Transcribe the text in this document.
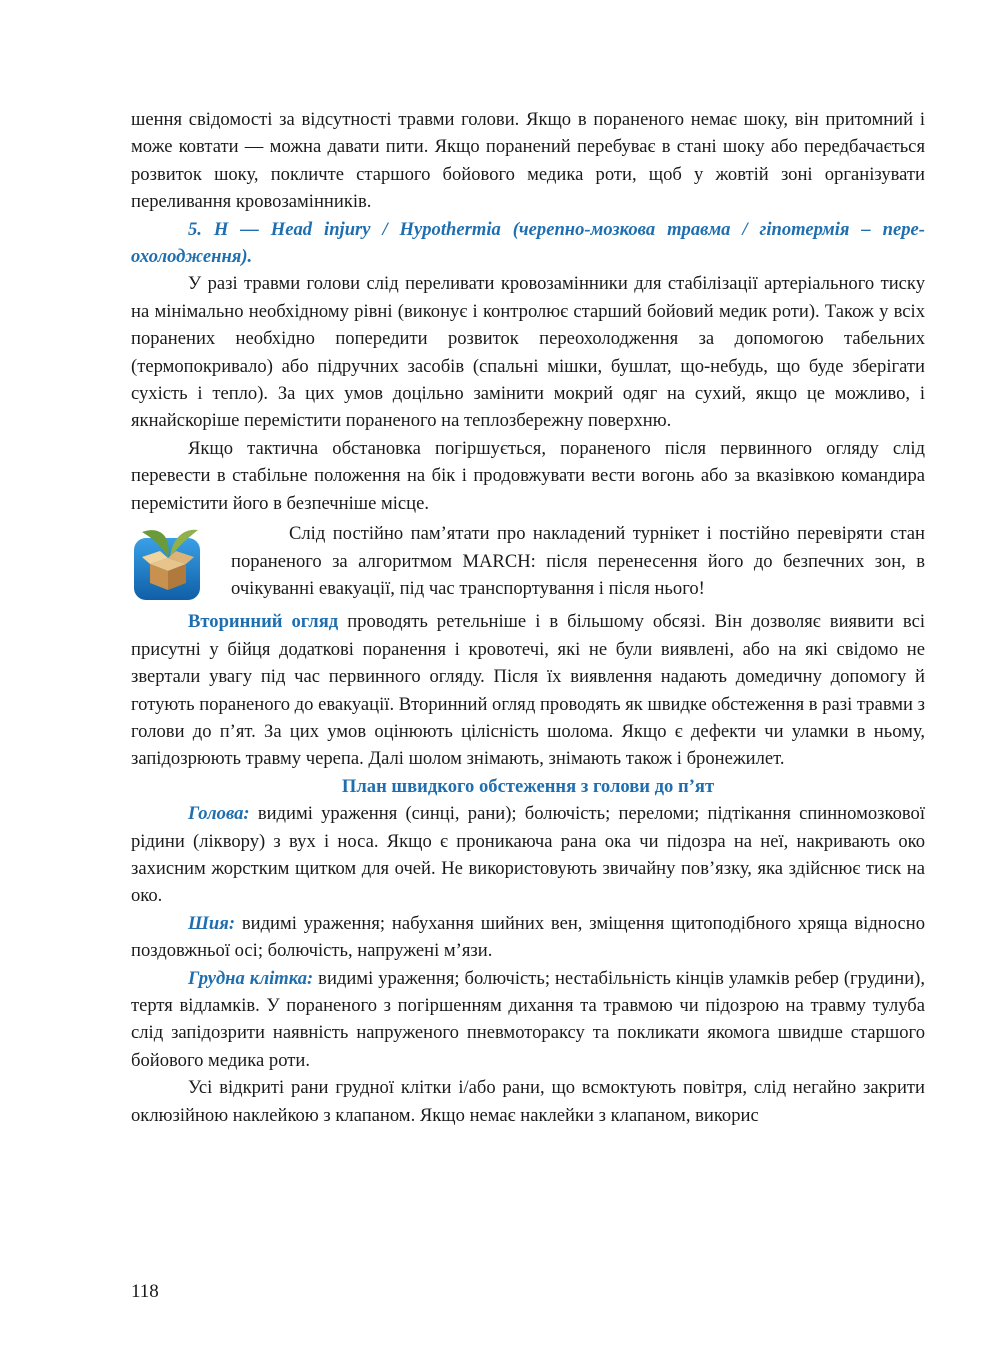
шення свідомості за відсутності травми голови. Якщо в пораненого немає шоку, він притомний і може ковтати — можна давати пити. Якщо поранений перебуває в стані шоку або передбачається розвиток шоку, покличте старшого бойового медика роти, щоб у жовтій зоні організувати переливання кровозамінників.

5. H — Head injury / Hypothermia (черепно-мозкова травма / гіпотермія – переохолодження).

У разі травми голови слід переливати кровозамінники для стабілізації артеріального тиску на мінімально необхідному рівні (виконує і контролює старший бойовий медик роти). Також у всіх поранених необхідно попередити розвиток переохолодження за допомогою табельних (термопокривало) або підручних засобів (спальні мішки, бушлат, що-небудь, що буде зберігати сухість і тепло). За цих умов доцільно замінити мокрий одяг на сухий, якщо це можливо, і якнайскоріше перемістити пораненого на теплозбережну поверхню.

Якщо тактична обстановка погіршується, пораненого після первинного огляду слід перевести в стабільне положення на бік і продовжувати вести вогонь або за вказівкою командира перемістити його в безпечніше місце.

Слід постійно пам’ятати про накладений турнікет і постійно перевіряти стан пораненого за алгоритмом MARCH: після перенесення його до безпечних зон, в очікуванні евакуації, під час транспортування і після нього!

Вторинний огляд проводять ретельніше і в більшому обсязі. Він дозволяє виявити всі присутні у бійця додаткові поранення і кровотечі, які не були виявлені, або на які свідомо не звертали увагу під час первинного огляду. Після їх виявлення надають домедичну допомогу й готують пораненого до евакуації. Вторинний огляд проводять як швидке обстеження в разі травми з голови до п’ят. За цих умов оцінюють цілісність шолома. Якщо є дефекти чи уламки в ньому, запідозрюють травму черепа. Далі шолом знімають, знімають також і бронежилет.

План швидкого обстеження з голови до п’ят

Голова: видимі ураження (синці, рани); болючість; переломи; підтікання спинномозкової рідини (ліквору) з вух і носа. Якщо є проникаюча рана ока чи підозра на неї, накривають око захисним жорстким щитком для очей. Не використовують звичайну пов’язку, яка здійснює тиск на око.

Шия: видимі ураження; набухання шийних вен, зміщення щитоподібного хряща відносно поздовжньої осі; болючість, напружені м’язи.

Грудна клітка: видимі ураження; болючість; нестабільність кінців уламків ребер (грудини), тертя відламків. У пораненого з погіршенням дихання та травмою чи підозрою на травму тулуба слід запідозрити наявність напруженого пневмотораксу та покликати якомога швидше старшого бойового медика роти.

Усі відкриті рани грудної клітки і/або рани, що всмоктують повітря, слід негайно закрити оклюзійною наклейкою з клапаном. Якщо немає наклейки з клапаном, викорис

118
